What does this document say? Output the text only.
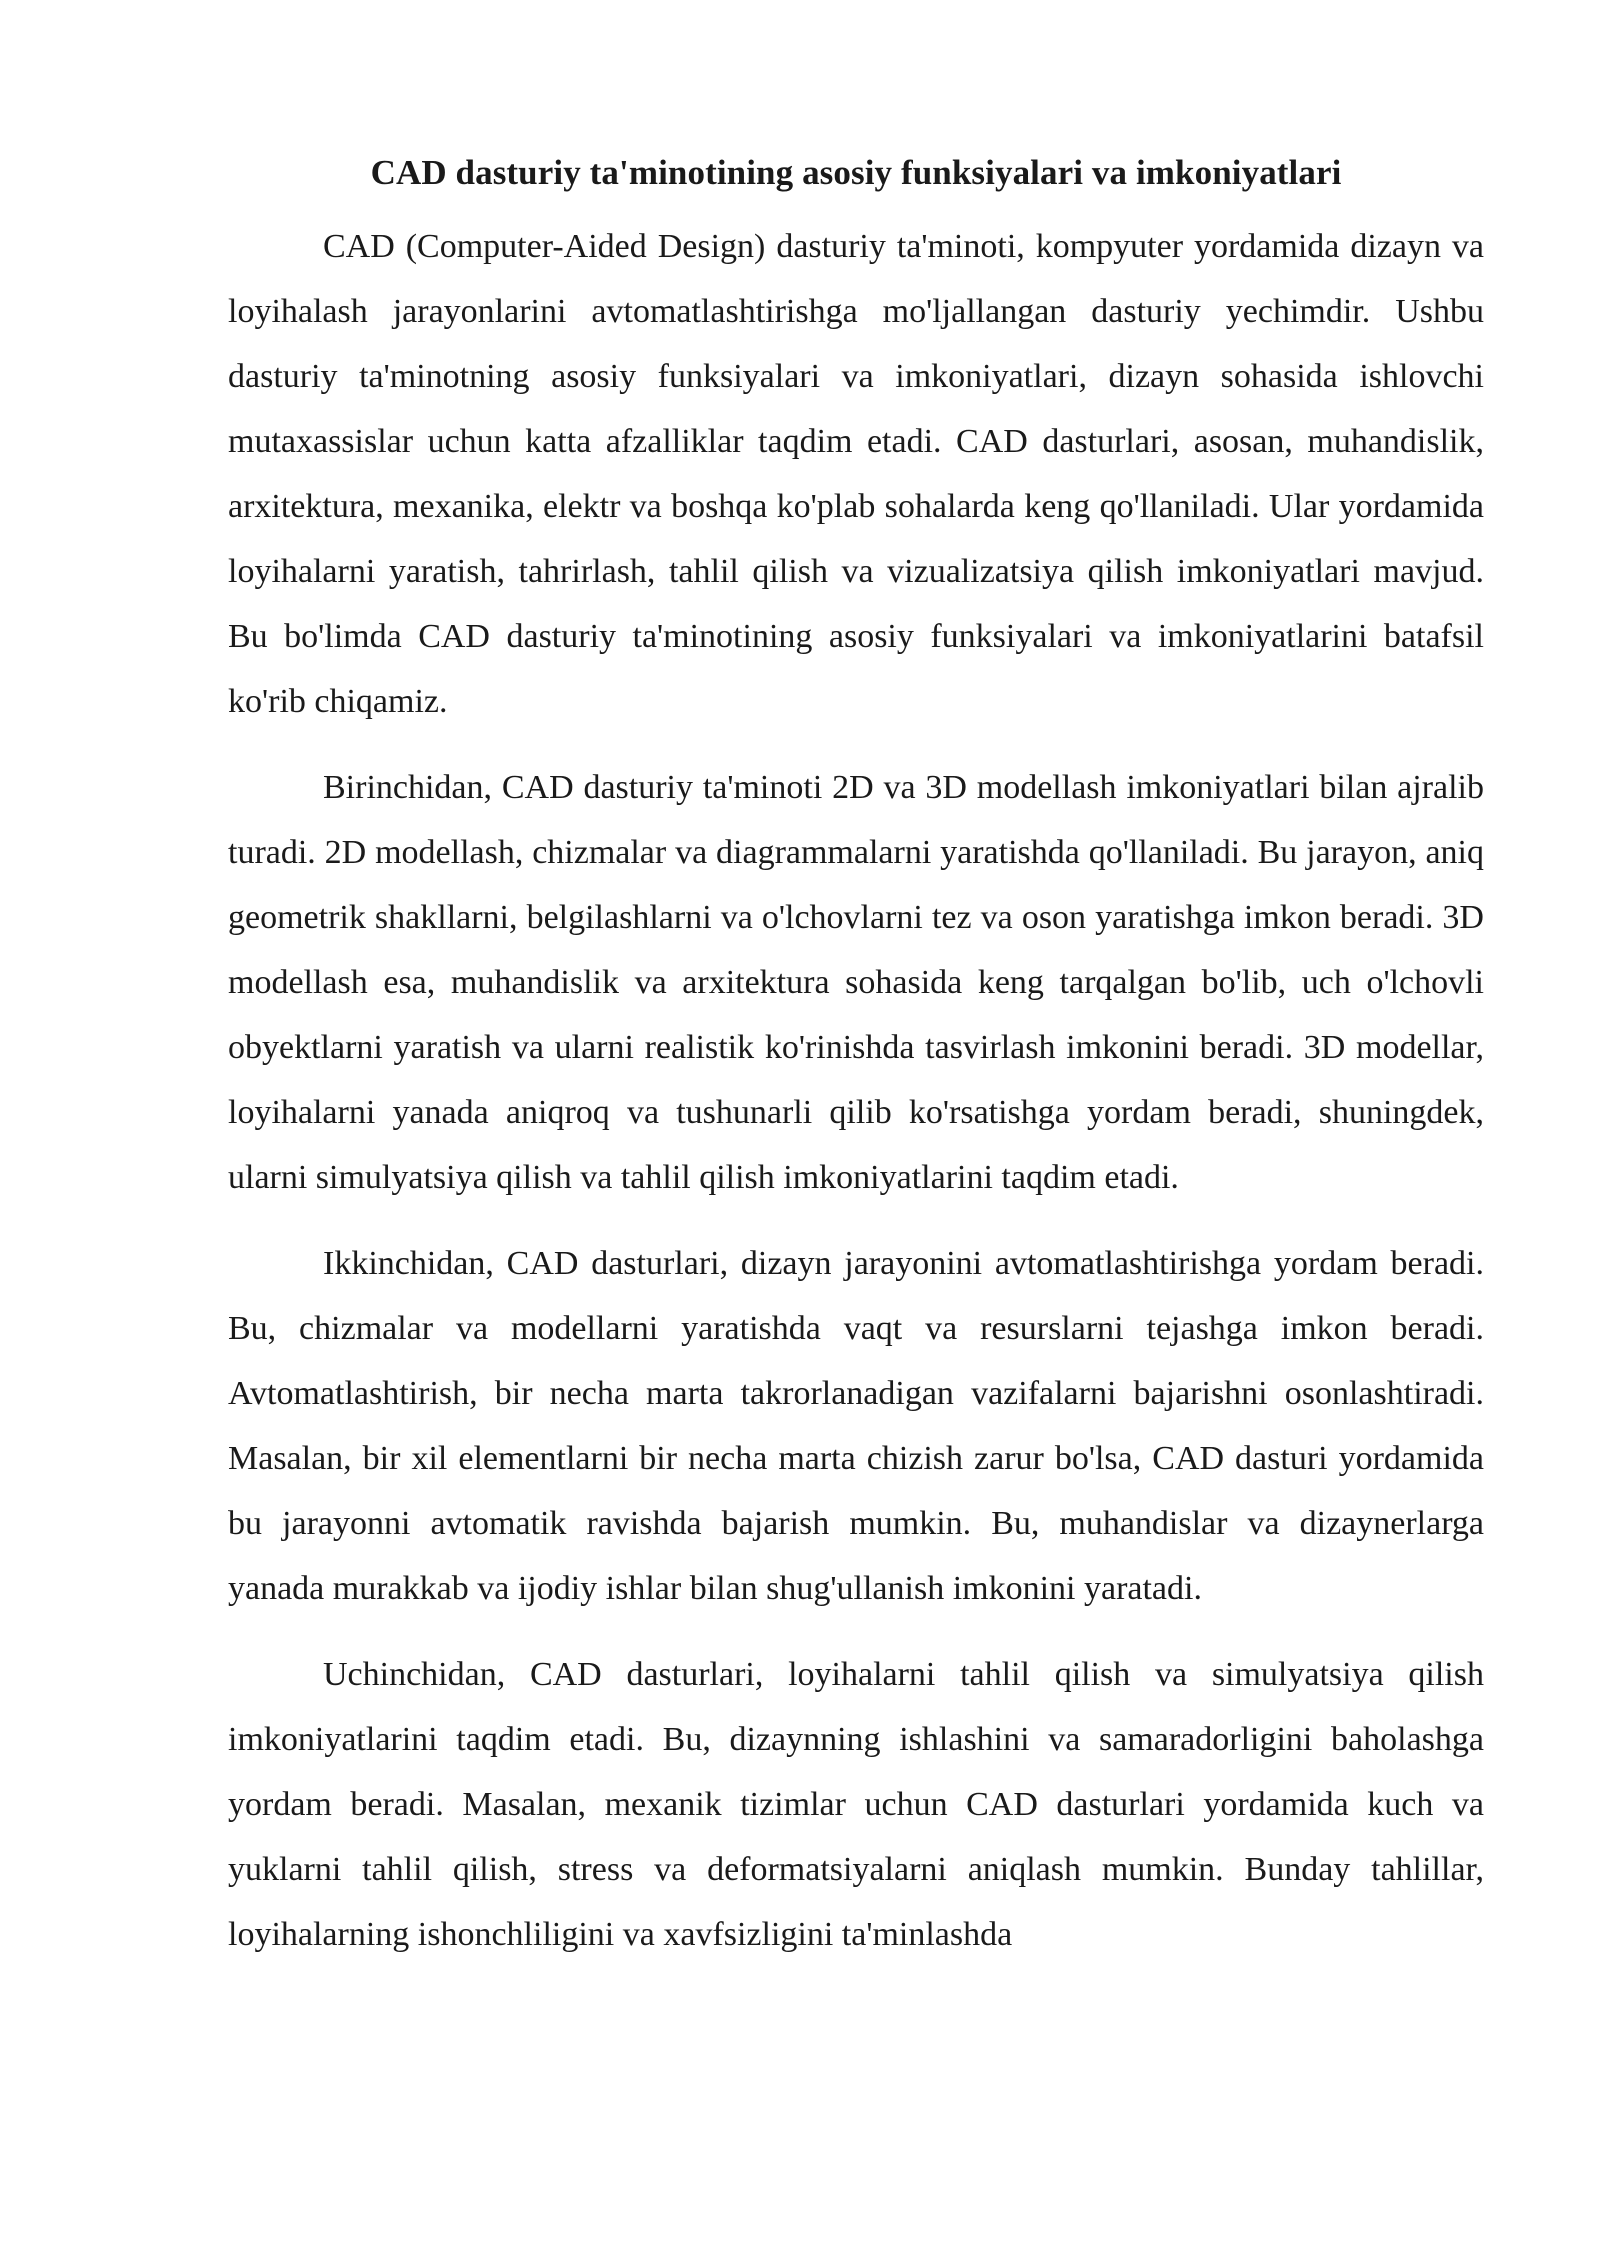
CAD dasturiy ta'minotining asosiy funksiyalari va imkoniyatlari

CAD (Computer-Aided Design) dasturiy ta'minoti, kompyuter yordamida dizayn va loyihalash jarayonlarini avtomatlashtirishga mo'ljallangan dasturiy yechimdir. Ushbu dasturiy ta'minotning asosiy funksiyalari va imkoniyatlari, dizayn sohasida ishlovchi mutaxassislar uchun katta afzalliklar taqdim etadi. CAD dasturlari, asosan, muhandislik, arxitektura, mexanika, elektr va boshqa ko'plab sohalarda keng qo'llaniladi. Ular yordamida loyihalarni yaratish, tahrirlash, tahlil qilish va vizualizatsiya qilish imkoniyatlari mavjud. Bu bo'limda CAD dasturiy ta'minotining asosiy funksiyalari va imkoniyatlarini batafsil ko'rib chiqamiz.

Birinchidan, CAD dasturiy ta'minoti 2D va 3D modellash imkoniyatlari bilan ajralib turadi. 2D modellash, chizmalar va diagrammalarni yaratishda qo'llaniladi. Bu jarayon, aniq geometrik shakllarni, belgilashlarni va o'lchovlarni tez va oson yaratishga imkon beradi. 3D modellash esa, muhandislik va arxitektura sohasida keng tarqalgan bo'lib, uch o'lchovli obyektlarni yaratish va ularni realistik ko'rinishda tasvirlash imkonini beradi. 3D modellar, loyihalarni yanada aniqroq va tushunarli qilib ko'rsatishga yordam beradi, shuningdek, ularni simulyatsiya qilish va tahlil qilish imkoniyatlarini taqdim etadi.

Ikkinchidan, CAD dasturlari, dizayn jarayonini avtomatlashtirishga yordam beradi. Bu, chizmalar va modellarni yaratishda vaqt va resurslarni tejashga imkon beradi. Avtomatlashtirish, bir necha marta takrorlanadigan vazifalarni bajarishni osonlashtiradi. Masalan, bir xil elementlarni bir necha marta chizish zarur bo'lsa, CAD dasturi yordamida bu jarayonni avtomatik ravishda bajarish mumkin. Bu, muhandislar va dizaynerlarga yanada murakkab va ijodiy ishlar bilan shug'ullanish imkonini yaratadi.

Uchinchidan, CAD dasturlari, loyihalarni tahlil qilish va simulyatsiya qilish imkoniyatlarini taqdim etadi. Bu, dizaynning ishlashini va samaradorligini baholashga yordam beradi. Masalan, mexanik tizimlar uchun CAD dasturlari yordamida kuch va yuklarni tahlil qilish, stress va deformatsiyalarni aniqlash mumkin. Bunday tahlillar, loyihalarning ishonchliligini va xavfsizligini ta'minlashda
